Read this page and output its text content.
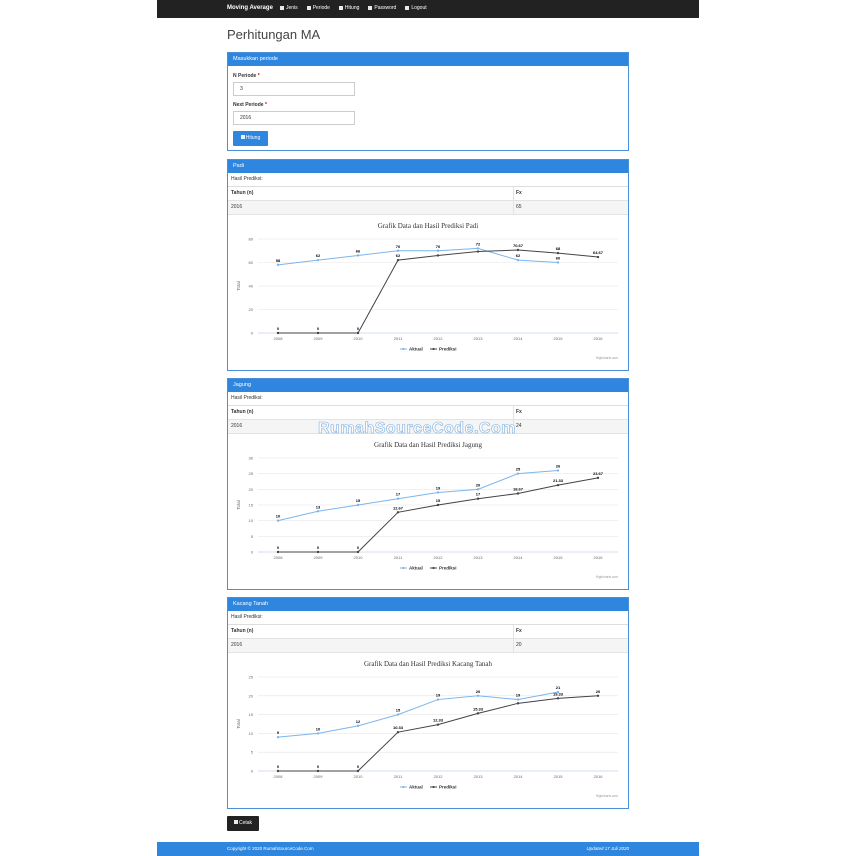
Moving Average	Jenis	Periode	Hitung	Password	Logout
Perhitungan MA
Masukkan periode
N Periode *
3
Next Periode *
2016
Hitung
Padi
Hasil Prediksi:
Tahun (n)	Fx
2016	65
Grafik Data dan Hasil Prediksi Padi
0
20
40
60
80
Total
2008	2009	2010	2011	2012	2013	2014	2015	2016
58
62
66
70	70	72
62	60
0	0	0
62
70.67
68
64.67
Aktual	Prediksi
Highcharts.com
Jagung
Hasil Prediksi:
Tahun (n)	Fx
2016	24
Grafik Data dan Hasil Prediksi Jagung
0
5
10
15
20
25
30
Total
2008	2009	2010	2011	2012	2013	2014	2015	2016
10
13
15
17
19
20
25
26
0	0	0
12.67
15
17
18.67
21.33
23.67
Aktual	Prediksi
Highcharts.com
Kacang Tanah
Hasil Prediksi:
Tahun (n)	Fx
2016	20
Grafik Data dan Hasil Prediksi Kacang Tanah
0
5
10
15
20
25
Total
2008	2009	2010	2011	2012	2013	2014	2015	2016
9
10
12
15
19
20
19
21
0	0	0
10.33
12.33
15.33
19.33
20
Aktual	Prediksi
Highcharts.com
Cetak
Copyright © 2020 RumahSourceCode.Com	Updated 17 Juli 2020
RumahSourceCode.Com
